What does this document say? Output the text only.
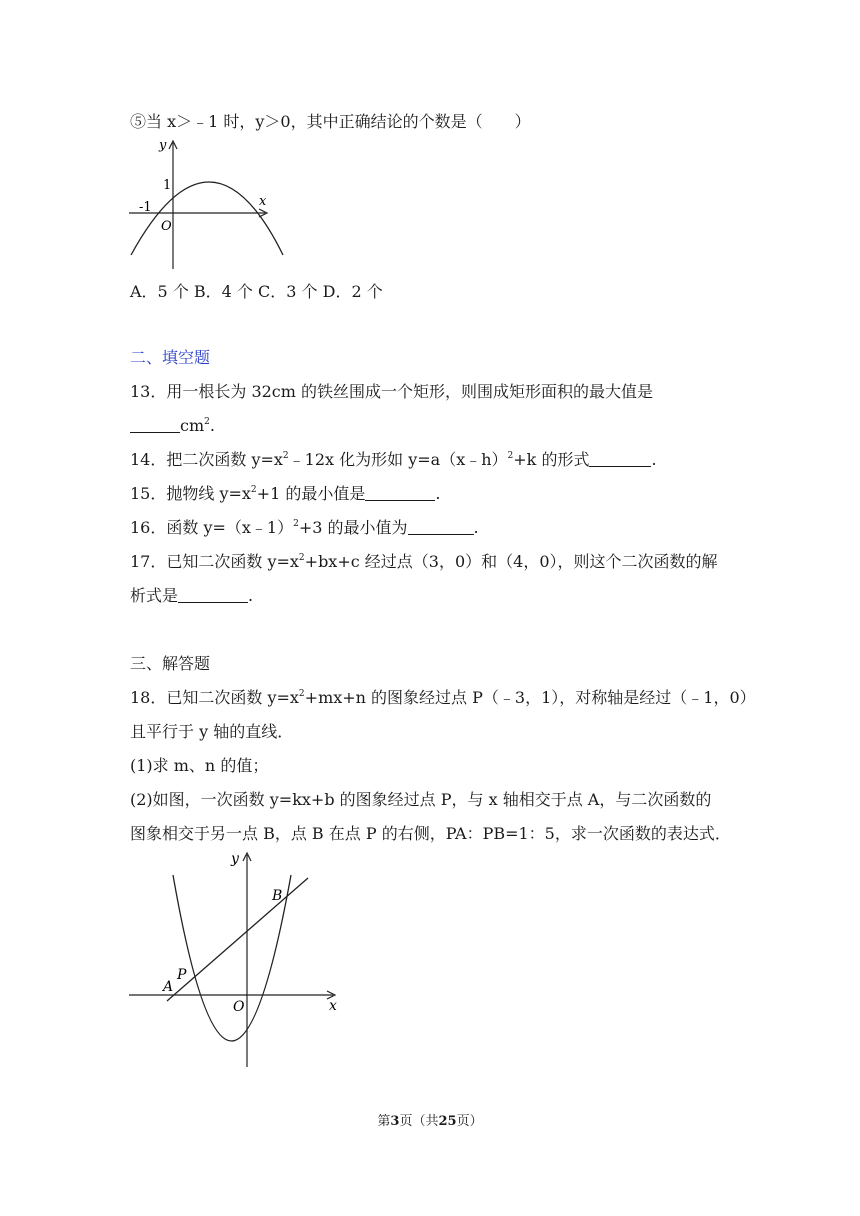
⑤当 x＞﹣1 时，y＞0，其中正确结论的个数是（　　）
y
x
1
-1
O
A．5 个 B．4 个 C．3 个 D．2 个
二、填空题
13．用一根长为 32cm 的铁丝围成一个矩形，则围成矩形面积的最大值是
$cm^2$.
14．把二次函数 $y=x^2﹣12x$ 化为形如 y=a（x﹣h）$^2$+k 的形式	.
15．抛物线 $y=x^2+1$ 的最小值是	.
16．函数 y=（x﹣1）$^2$+3 的最小值为	.
17．已知二次函数 $y=x^2+bx+c$ 经过点（3，0）和（4，0），则这个二次函数的解
析式是	.
三、解答题
18．已知二次函数 $y=x^2+mx+n$ 的图象经过点 P（﹣3，1），对称轴是经过（﹣1，0）
且平行于 y 轴的直线．
(1)求 m、n 的值；
(2)如图，一次函数 y=kx+b 的图象经过点 P，与 x 轴相交于点 A，与二次函数的
图象相交于另一点 B，点 B 在点 P 的右侧，PA：PB=1：5，求一次函数的表达式．
y
x
B
P
A
O
第3页（共25页）
